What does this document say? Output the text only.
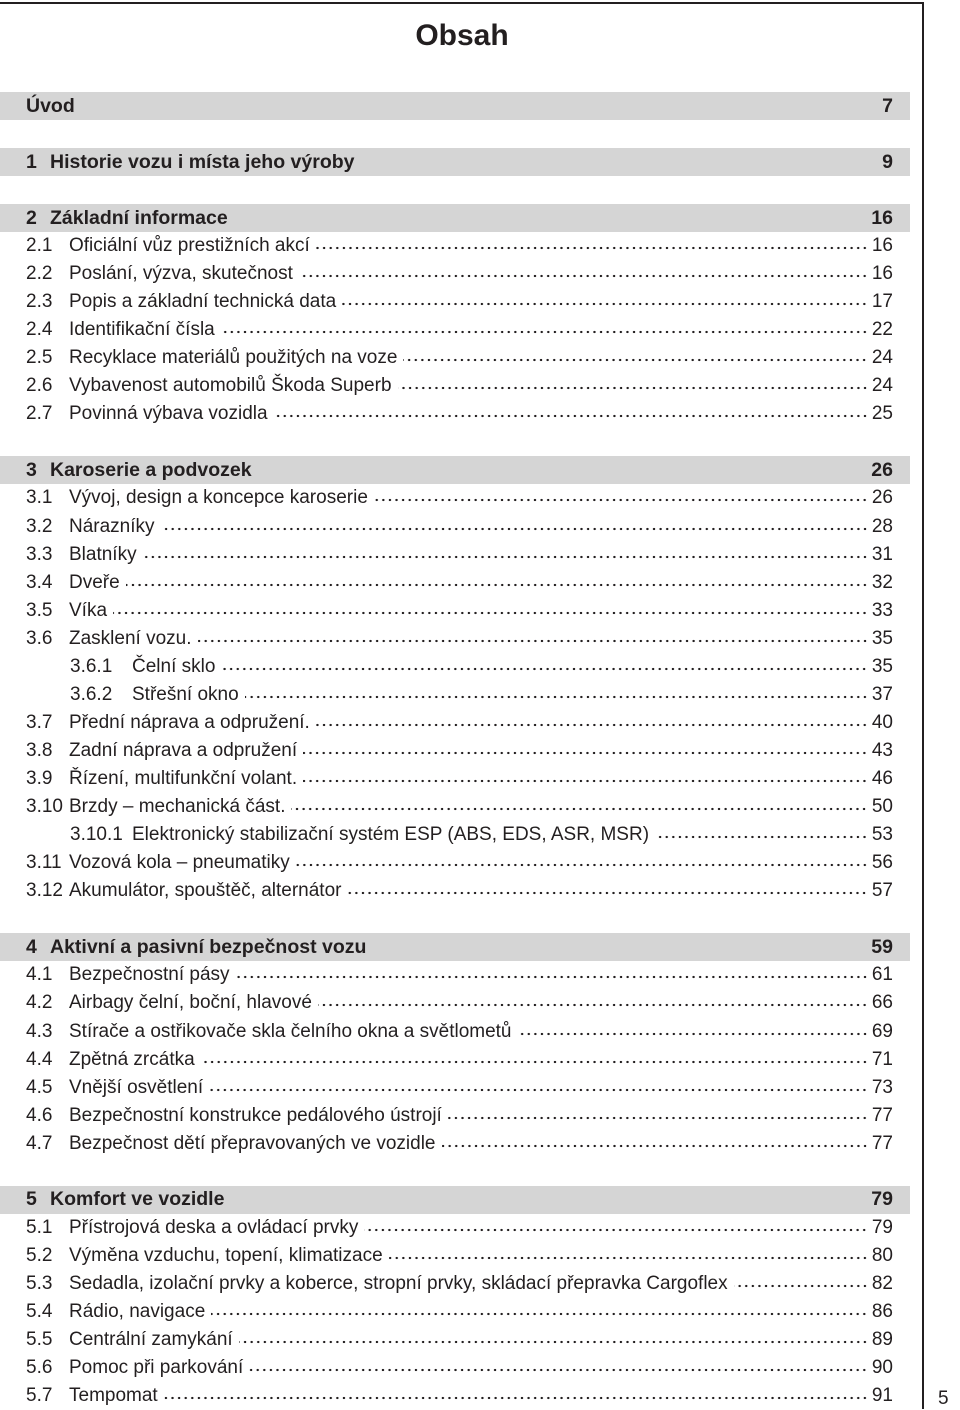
Obsah
Úvod	7
1 Historie vozu i místa jeho výroby	9
2 Základní informace	16
2.1 Oficiální vůz prestižních akcí	16
2.2 Poslání, výzva, skutečnost	16
2.3 Popis a základní technická data	17
2.4 Identifikační čísla	22
2.5 Recyklace materiálů použitých na voze	24
2.6 Vybavenost automobilů Škoda Superb	24
2.7 Povinná výbava vozidla	25
3 Karoserie a podvozek	26
3.1 Vývoj, design a koncepce karoserie	26
3.2 Nárazníky	28
3.3 Blatníky	31
3.4 Dveře	32
3.5 Víka	33
3.6 Zasklení vozu.	35
3.6.1	Čelní sklo	35
3.6.2	Střešní okno	37
3.7 Přední náprava a odpružení.	40
3.8 Zadní náprava a odpružení	43
3.9 Řízení, multifunkční volant.	46
3.10 Brzdy – mechanická část.	50
3.10.1 Elektronický stabilizační systém ESP (ABS, EDS, ASR, MSR)	53
3.11 Vozová kola – pneumatiky	56
3.12 Akumulátor, spouštěč, alternátor	57
4 Aktivní a pasivní bezpečnost vozu	59
4.1 Bezpečnostní pásy	61
4.2 Airbagy čelní, boční, hlavové	66
4.3 Stírače a ostřikovače skla čelního okna a světlometů	69
4.4 Zpětná zrcátka	71
4.5 Vnější osvětlení	73
4.6 Bezpečnostní konstrukce pedálového ústrojí	77
4.7 Bezpečnost dětí přepravovaných ve vozidle	77
5 Komfort ve vozidle	79
5.1 Přístrojová deska a ovládací prvky	79
5.2 Výměna vzduchu, topení, klimatizace	80
5.3 Sedadla, izolační prvky a koberce, stropní prvky, skládací přepravka Cargoflex	82
5.4 Rádio, navigace	86
5.5 Centrální zamykání	89
5.6 Pomoc při parkování	90
5.7 Tempomat	91 5
